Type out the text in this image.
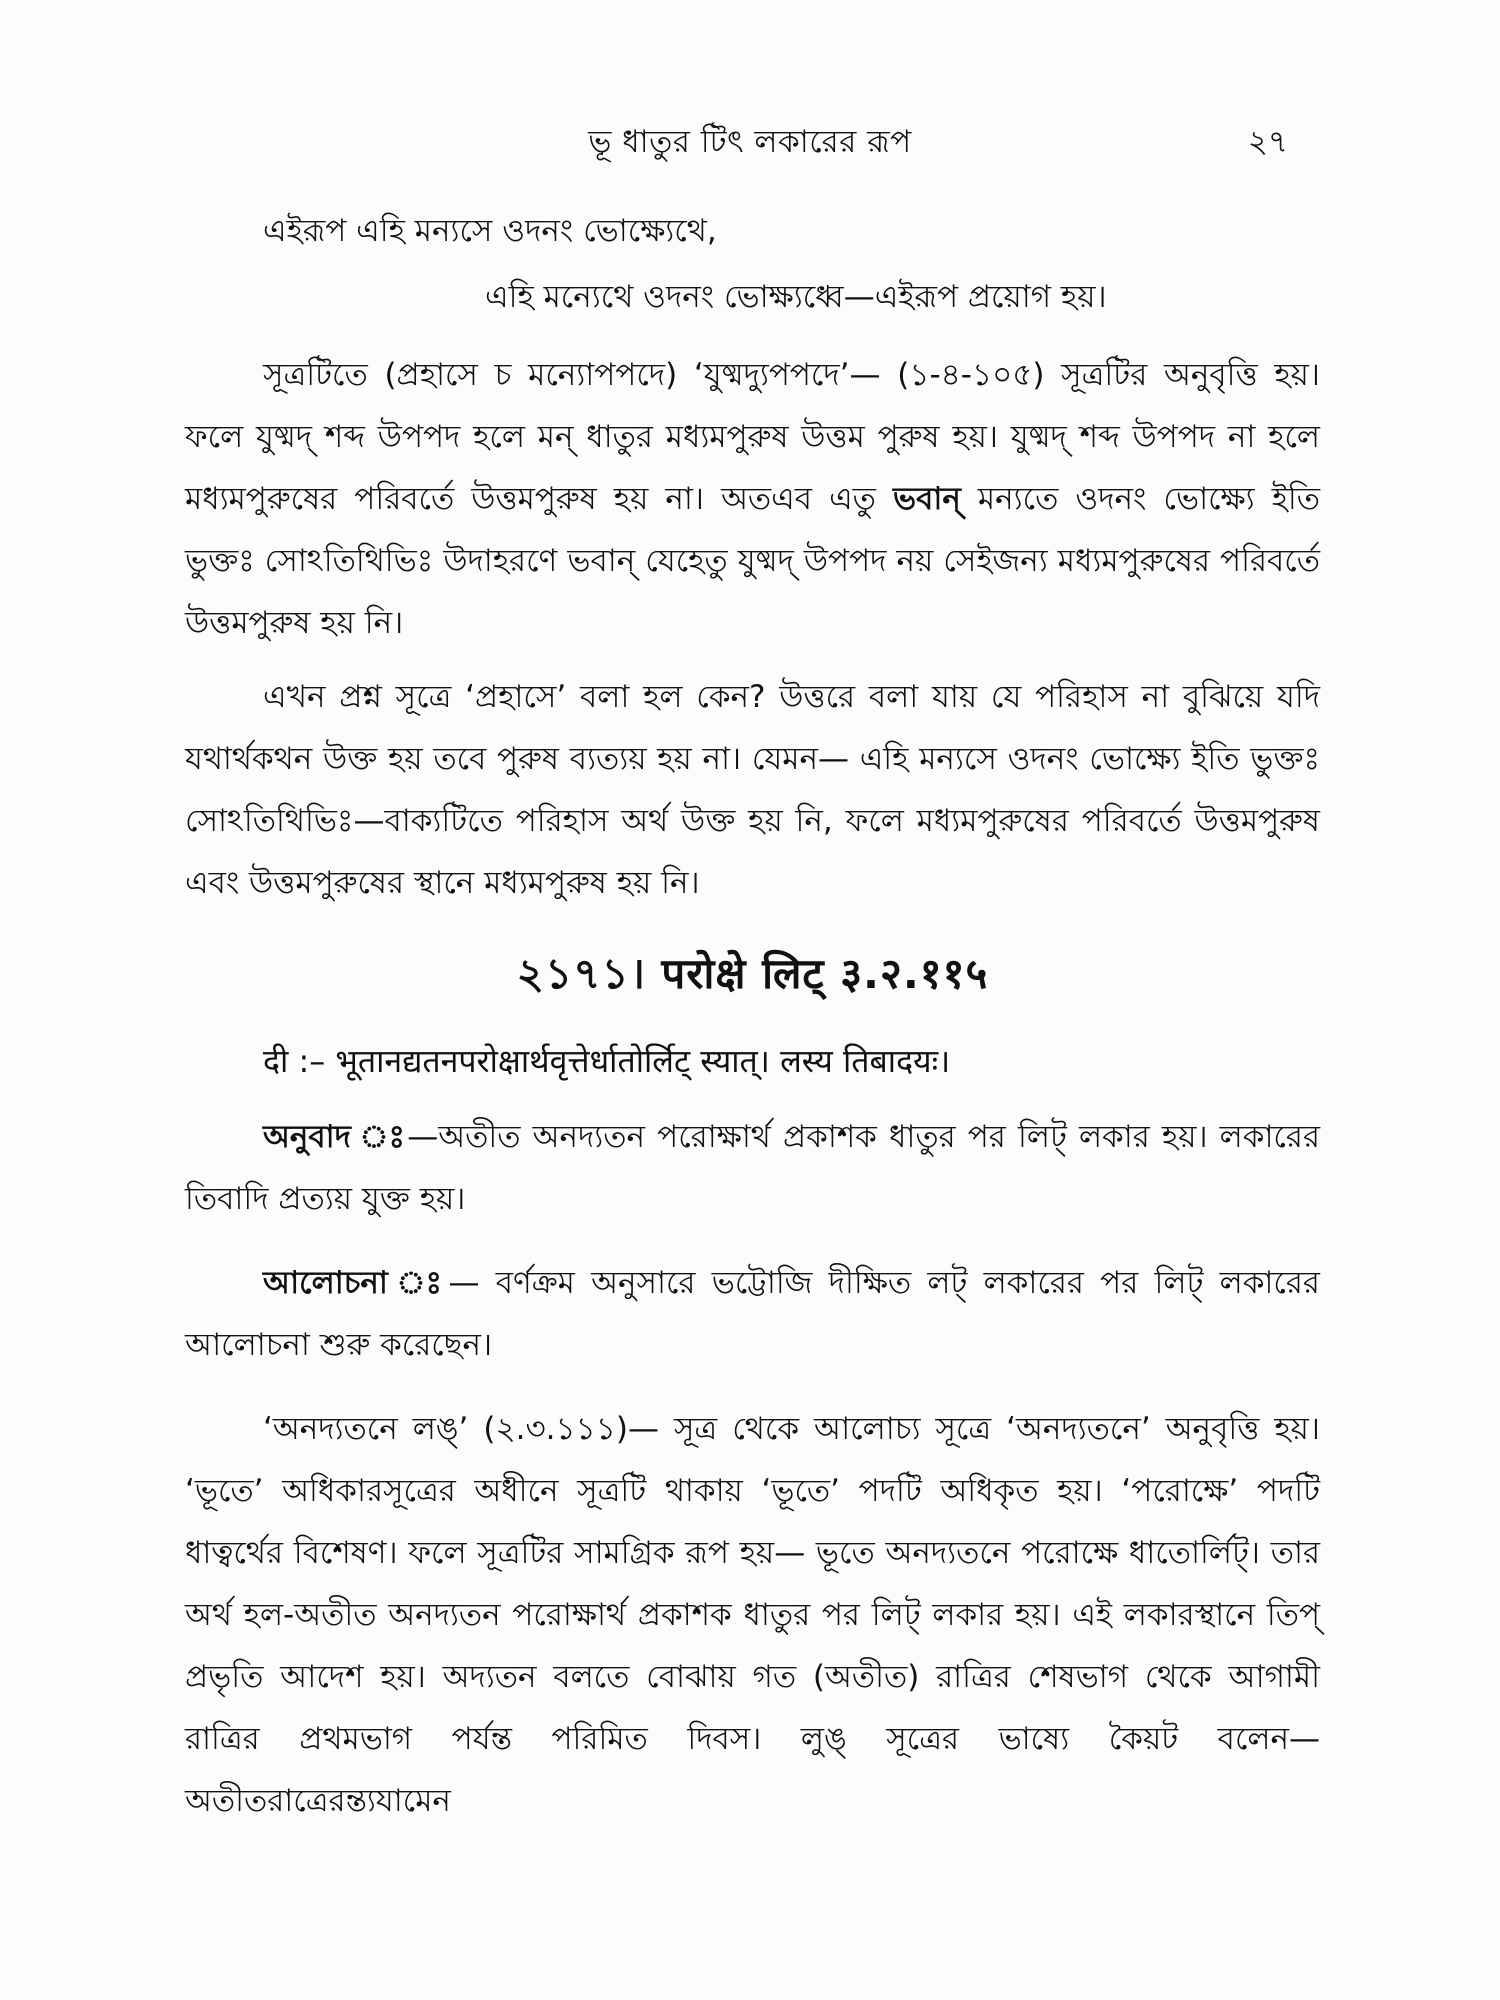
ভূ ধাতুর টিৎ লকারের রূপ	২৭

এইরূপ এহি মন্যসে ওদনং ভোক্ষ্যেথে,

এহি মন্যেথে ওদনং ভোক্ষ্যধ্বে—এইরূপ প্রয়োগ হয়।

সূত্রটিতে (প্রহাসে চ মন্যোপপদে) ‘যুষ্মদ্যুপপদে’— (১-৪-১০৫) সূত্রটির অনুবৃত্তি হয়। ফলে যুষ্মদ্ শব্দ উপপদ হলে মন্ ধাতুর মধ্যমপুরুষ উত্তম পুরুষ হয়। যুষ্মদ্ শব্দ উপপদ না হলে মধ্যমপুরুষের পরিবর্তে উত্তমপুরুষ হয় না। অতএব এতু ভবান্ মন্যতে ওদনং ভোক্ষ্যে ইতি ভুক্তঃ সোঽতিথিভিঃ উদাহরণে ভবান্ যেহেতু যুষ্মদ্ উপপদ নয় সেইজন্য মধ্যমপুরুষের পরিবর্তে উত্তমপুরুষ হয় নি।

এখন প্রশ্ন সূত্রে ‘প্রহাসে’ বলা হল কেন? উত্তরে বলা যায় যে পরিহাস না বুঝিয়ে যদি যথার্থকথন উক্ত হয় তবে পুরুষ ব্যত্যয় হয় না। যেমন— এহি মন্যসে ওদনং ভোক্ষ্যে ইতি ভুক্তঃ সোঽতিথিভিঃ—বাক্যটিতে পরিহাস অর্থ উক্ত হয় নি, ফলে মধ্যমপুরুষের পরিবর্তে উত্তমপুরুষ এবং উত্তমপুরুষের স্থানে মধ্যমপুরুষ হয় নি।

২১৭১। परोक्षे लिट् ३.२.११५

दी :– भूतानद्यतनपरोक्षार्थवृत्तेर्धातोर्लिट् स्यात्। लस्य तिबादयः।

অনুবাদ ঃ—অতীত অনদ্যতন পরোক্ষার্থ প্রকাশক ধাতুর পর লিট্ লকার হয়। লকারের তিবাদি প্রত্যয় যুক্ত হয়।

আলোচনা ঃ— বর্ণক্রম অনুসারে ভট্টোজি দীক্ষিত লট্ লকারের পর লিট্ লকারের আলোচনা শুরু করেছেন।

‘অনদ্যতনে লঙ্’ (২.৩.১১১)— সূত্র থেকে আলোচ্য সূত্রে ‘অনদ্যতনে’ অনুবৃত্তি হয়। ‘ভূতে’ অধিকারসূত্রের অধীনে সূত্রটি থাকায় ‘ভূতে’ পদটি অধিকৃত হয়। ‘পরোক্ষে’ পদটি ধাত্বর্থের বিশেষণ। ফলে সূত্রটির সামগ্রিক রূপ হয়— ভূতে অনদ্যতনে পরোক্ষে ধাতোর্লিট্। তার অর্থ হল-অতীত অনদ্যতন পরোক্ষার্থ প্রকাশক ধাতুর পর লিট্ লকার হয়। এই লকারস্থানে তিপ্ প্রভৃতি আদেশ হয়। অদ্যতন বলতে বোঝায় গত (অতীত) রাত্রির শেষভাগ থেকে আগামী রাত্রির প্রথমভাগ পর্যন্ত পরিমিত দিবস। লুঙ্ সূত্রের ভাষ্যে কৈয়ট বলেন— অতীতরাত্রেরন্ত্যযামেন
